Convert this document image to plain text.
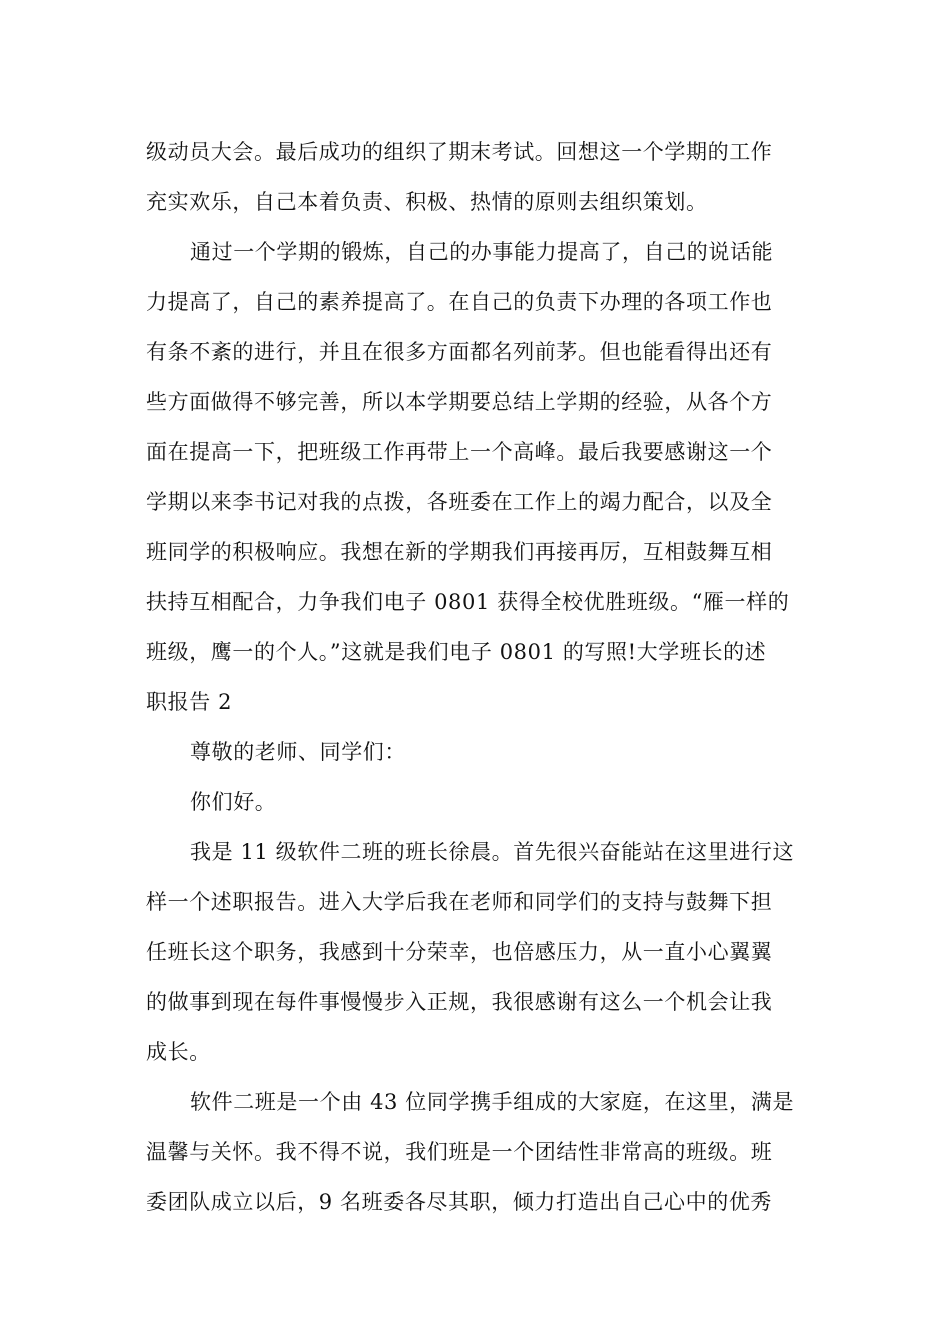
级动员大会。最后成功的组织了期末考试。回想这一个学期的工作
充实欢乐，自己本着负责、积极、热情的原则去组织策划。
通过一个学期的锻炼，自己的办事能力提高了，自己的说话能
力提高了，自己的素养提高了。在自己的负责下办理的各项工作也
有条不紊的进行，并且在很多方面都名列前茅。但也能看得出还有
些方面做得不够完善，所以本学期要总结上学期的经验，从各个方
面在提高一下，把班级工作再带上一个高峰。最后我要感谢这一个
学期以来李书记对我的点拨，各班委在工作上的竭力配合，以及全
班同学的积极响应。我想在新的学期我们再接再厉，互相鼓舞互相
扶持互相配合，力争我们电子 0801 获得全校优胜班级。“雁一样的
班级，鹰一的个人。”这就是我们电子 0801 的写照!大学班长的述
职报告 2
尊敬的老师、同学们：
你们好。
我是 11 级软件二班的班长徐晨。首先很兴奋能站在这里进行这
样一个述职报告。进入大学后我在老师和同学们的支持与鼓舞下担
任班长这个职务，我感到十分荣幸，也倍感压力，从一直小心翼翼
的做事到现在每件事慢慢步入正规，我很感谢有这么一个机会让我
成长。
软件二班是一个由 43 位同学携手组成的大家庭，在这里，满是
温馨与关怀。我不得不说，我们班是一个团结性非常高的班级。班
委团队成立以后，9 名班委各尽其职，倾力打造出自己心中的优秀
